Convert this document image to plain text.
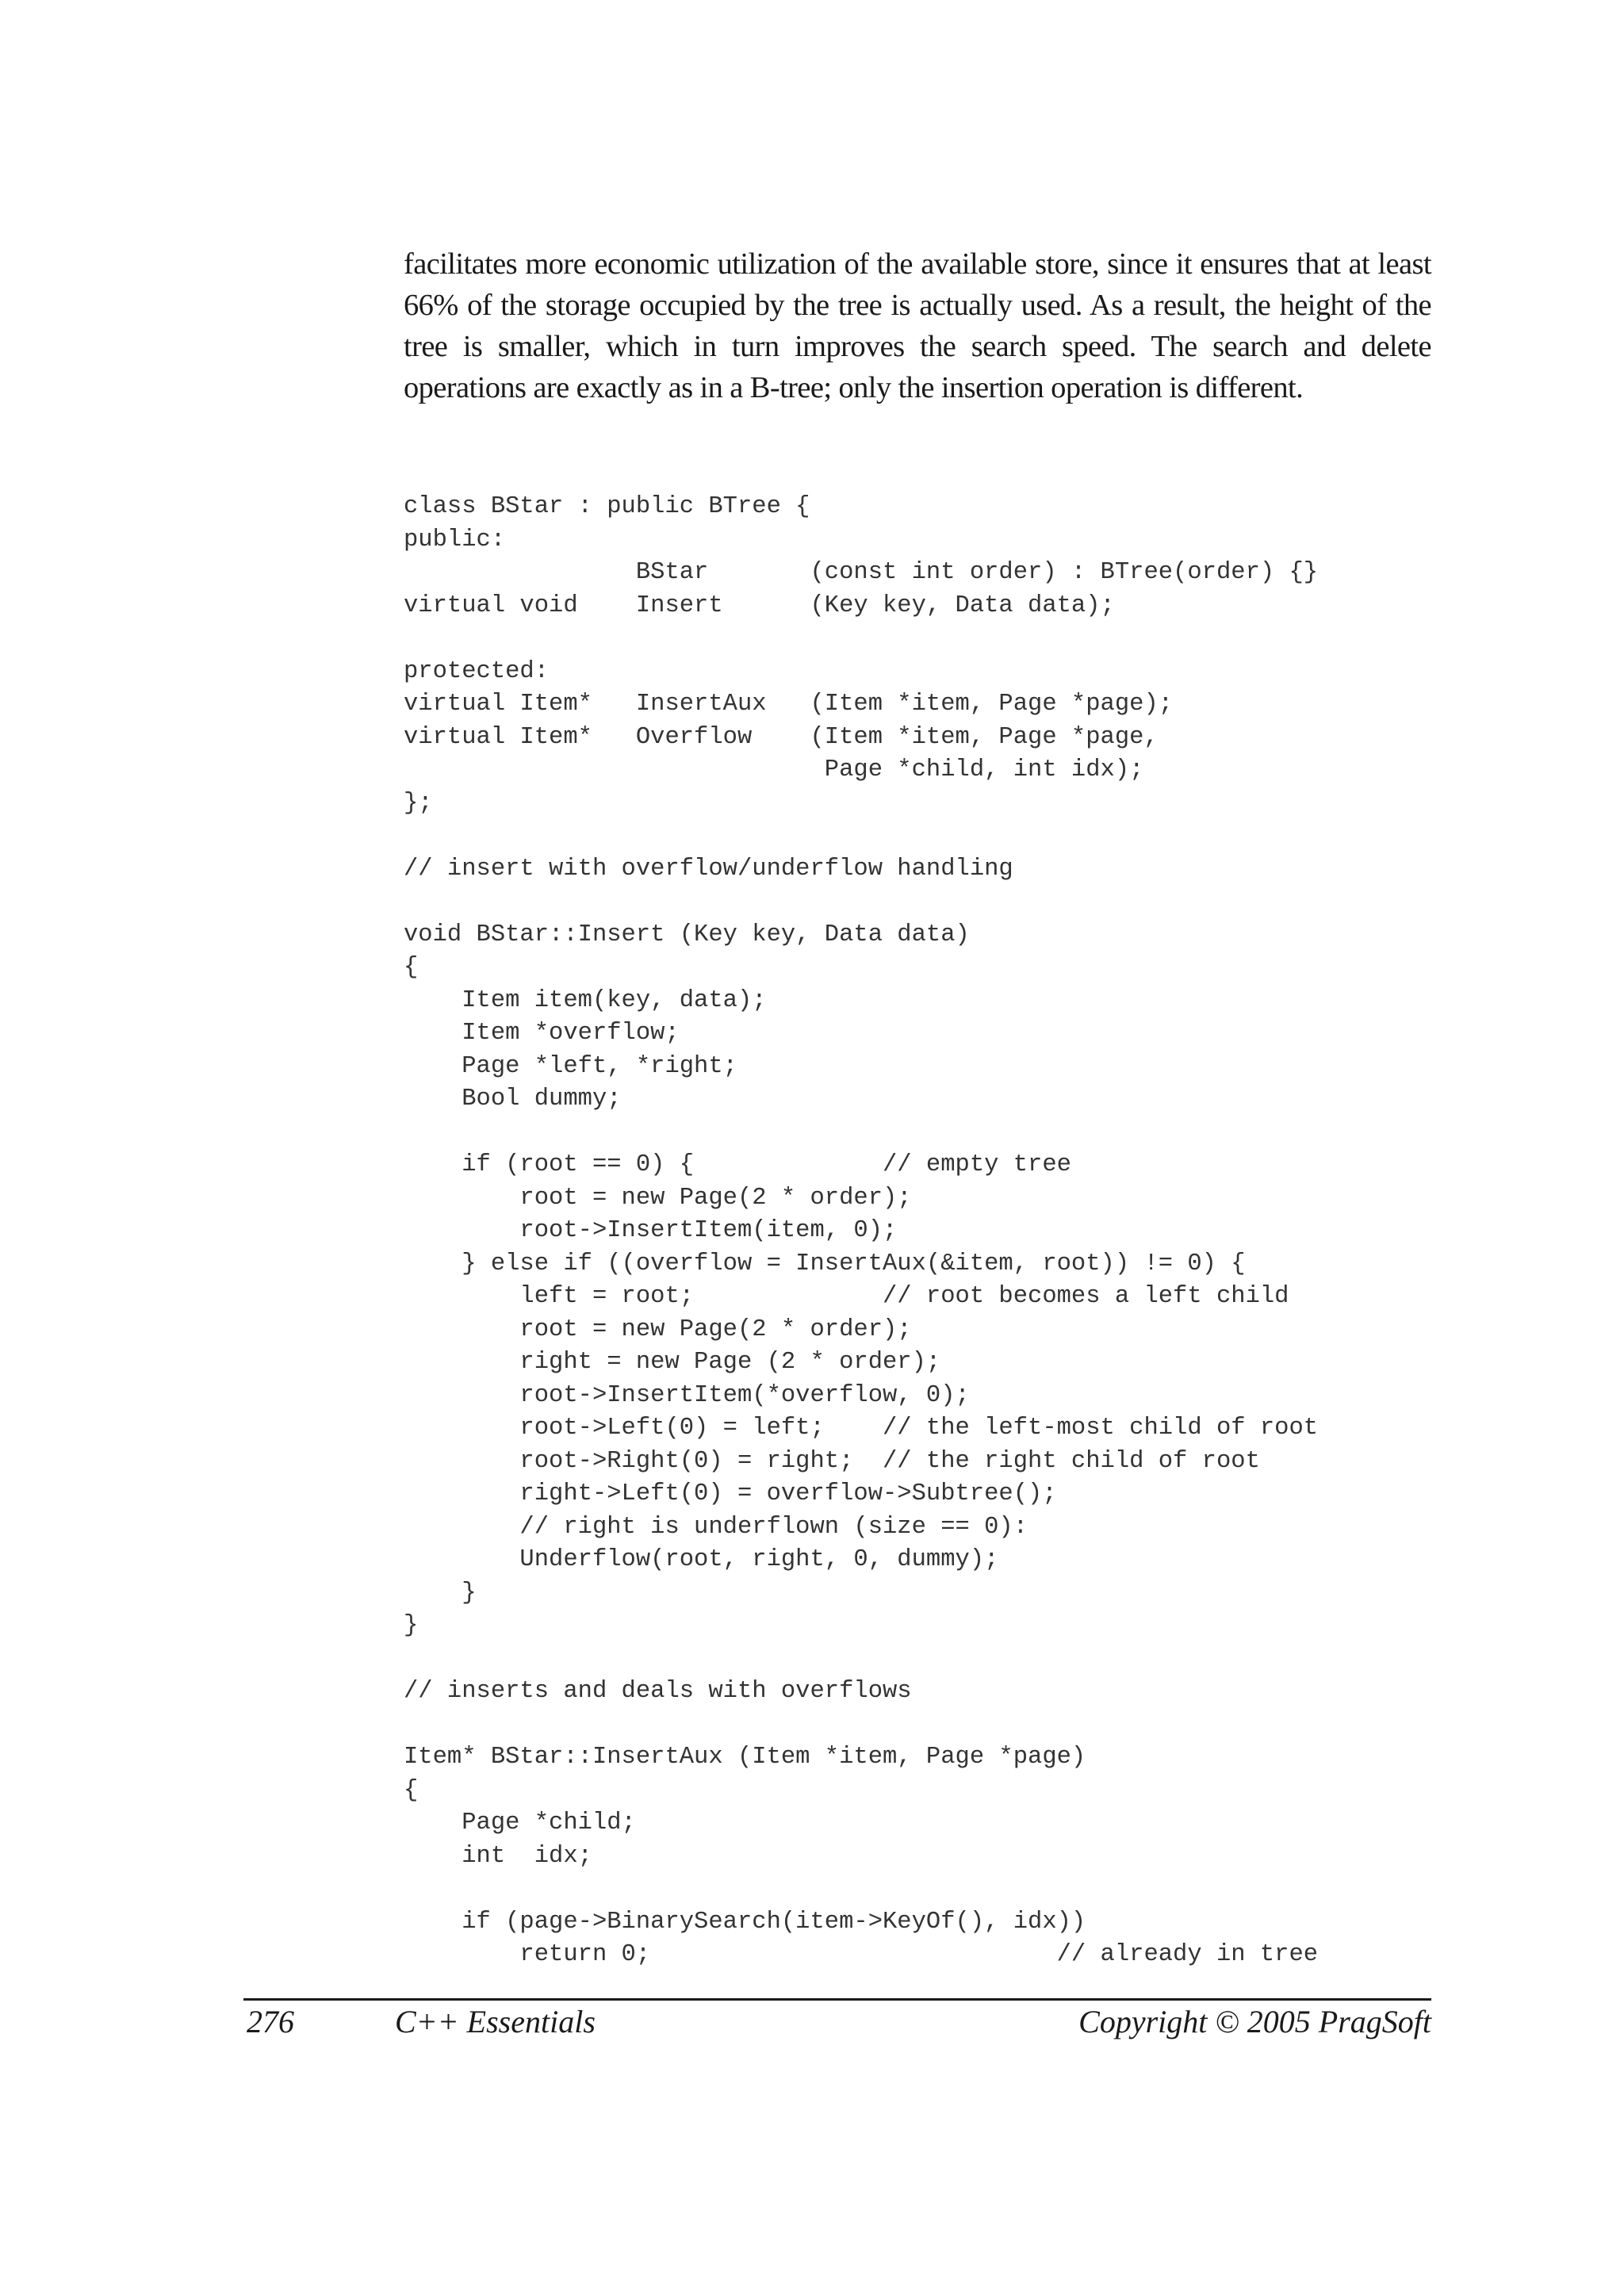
facilitates more economic utilization of the available store, since it ensures that at least 66% of the storage occupied by the tree is actually used. As a result, the height of the tree is smaller, which in turn improves the search speed. The search and delete operations are exactly as in a B-tree; only the insertion operation is different.

class BStar : public BTree {
public:
BStar       (const int order) : BTree(order) {}
virtual void    Insert      (Key key, Data data);

protected:
virtual Item*   InsertAux   (Item *item, Page *page);
virtual Item*   Overflow    (Item *item, Page *page,
Page *child, int idx);
};

// insert with overflow/underflow handling

void BStar::Insert (Key key, Data data)
{
Item item(key, data);
Item *overflow;
Page *left, *right;
Bool dummy;

if (root == 0) {             // empty tree
root = new Page(2 * order);
root->InsertItem(item, 0);
} else if ((overflow = InsertAux(&item, root)) != 0) {
left = root;             // root becomes a left child
root = new Page(2 * order);
right = new Page (2 * order);
root->InsertItem(*overflow, 0);
root->Left(0) = left;    // the left-most child of root
root->Right(0) = right;  // the right child of root
right->Left(0) = overflow->Subtree();
// right is underflown (size == 0):
Underflow(root, right, 0, dummy);
}
}

// inserts and deals with overflows

Item* BStar::InsertAux (Item *item, Page *page)
{
Page *child;
int  idx;

if (page->BinarySearch(item->KeyOf(), idx))
return 0;                            // already in tree
276	C++ Essentials	Copyright © 2005 PragSoft
